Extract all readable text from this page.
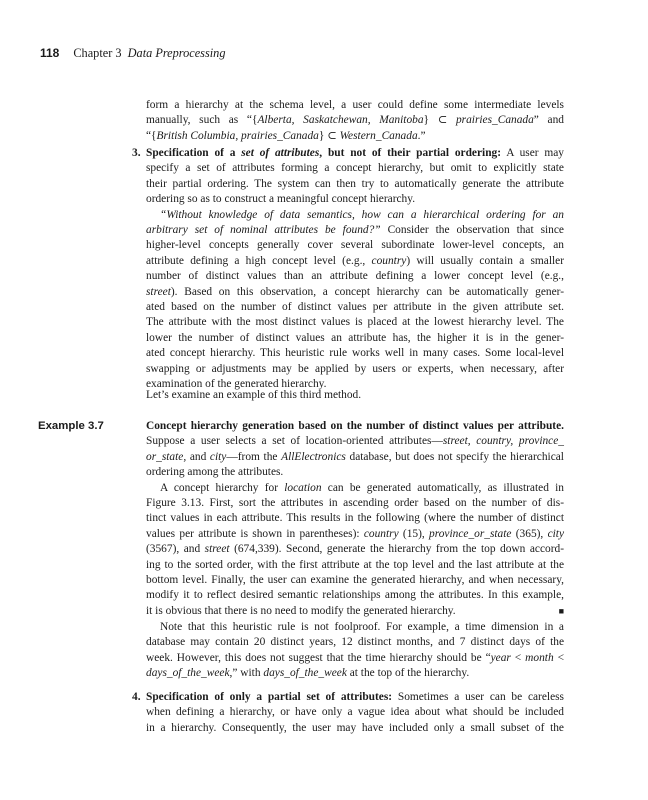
118 Chapter 3 Data Preprocessing
form a hierarchy at the schema level, a user could define some intermediate levels
manually, such as “{Alberta, Saskatchewan, Manitoba} ⊂ prairies_Canada” and
“{British Columbia, prairies_Canada} ⊂ Western_Canada.”
3. Specification of a set of attributes, but not of their partial ordering: A user may
specify a set of attributes forming a concept hierarchy, but omit to explicitly state
their partial ordering. The system can then try to automatically generate the attribute
ordering so as to construct a meaningful concept hierarchy.
“Without knowledge of data semantics, how can a hierarchical ordering for an
arbitrary set of nominal attributes be found?” Consider the observation that since
higher-level concepts generally cover several subordinate lower-level concepts, an
attribute defining a high concept level (e.g., country) will usually contain a smaller
number of distinct values than an attribute defining a lower concept level (e.g.,
street). Based on this observation, a concept hierarchy can be automatically gener-
ated based on the number of distinct values per attribute in the given attribute set.
The attribute with the most distinct values is placed at the lowest hierarchy level. The
lower the number of distinct values an attribute has, the higher it is in the gener-
ated concept hierarchy. This heuristic rule works well in many cases. Some local-level
swapping or adjustments may be applied by users or experts, when necessary, after
examination of the generated hierarchy.
Let’s examine an example of this third method.
Example 3.7	Concept hierarchy generation based on the number of distinct values per attribute.
Suppose a user selects a set of location-oriented attributes—street, country, province_
or_state, and city—from the AllElectronics database, but does not specify the hierarchical
ordering among the attributes.
A concept hierarchy for location can be generated automatically, as illustrated in
Figure 3.13. First, sort the attributes in ascending order based on the number of dis-
tinct values in each attribute. This results in the following (where the number of distinct
values per attribute is shown in parentheses): country (15), province_or_state (365), city
(3567), and street (674,339). Second, generate the hierarchy from the top down accord-
ing to the sorted order, with the first attribute at the top level and the last attribute at the
bottom level. Finally, the user can examine the generated hierarchy, and when necessary,
modify it to reflect desired semantic relationships among the attributes. In this example,
■
it is obvious that there is no need to modify the generated hierarchy.
Note that this heuristic rule is not foolproof. For example, a time dimension in a
database may contain 20 distinct years, 12 distinct months, and 7 distinct days of the
week. However, this does not suggest that the time hierarchy should be “year < month <
days_of_the_week,” with days_of_the_week at the top of the hierarchy.
4. Specification of only a partial set of attributes: Sometimes a user can be careless
when defining a hierarchy, or have only a vague idea about what should be included
in a hierarchy. Consequently, the user may have included only a small subset of the
